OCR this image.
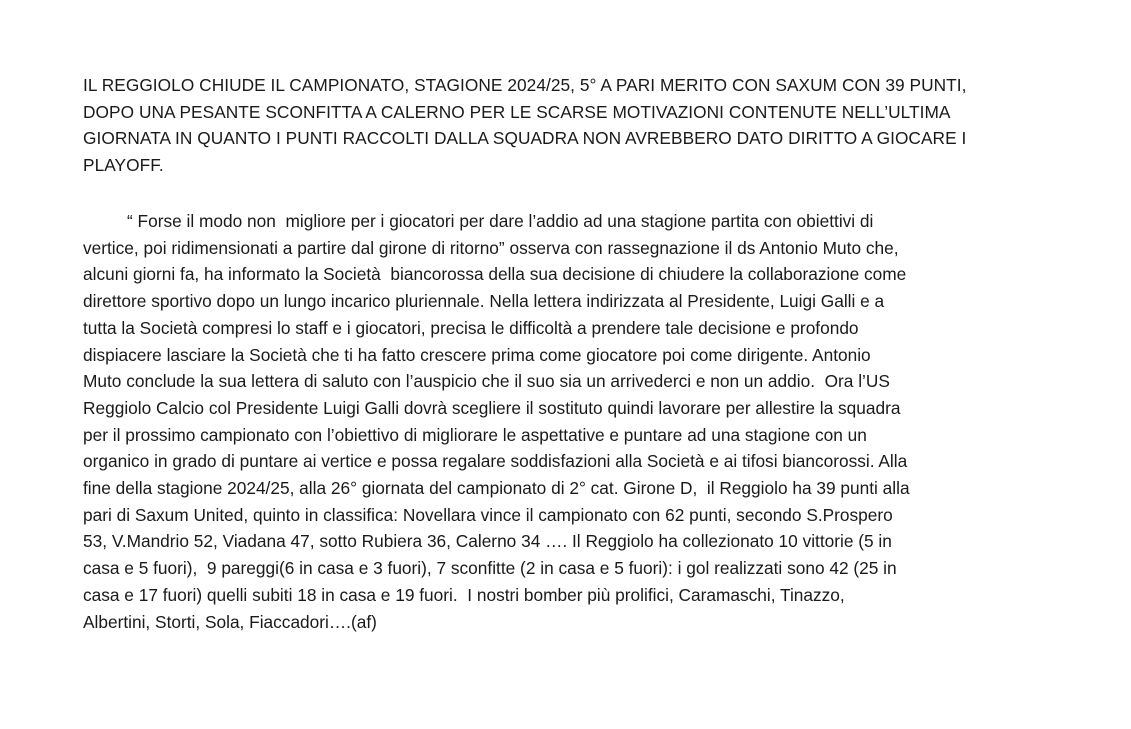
IL REGGIOLO CHIUDE IL CAMPIONATO, STAGIONE 2024/25, 5° A PARI MERITO CON SAXUM CON 39 PUNTI,
DOPO UNA PESANTE SCONFITTA A CALERNO PER LE SCARSE MOTIVAZIONI CONTENUTE NELL’ULTIMA
GIORNATA IN QUANTO I PUNTI RACCOLTI DALLA SQUADRA NON AVREBBERO DATO DIRITTO A GIOCARE I
PLAYOFF.

“ Forse il modo non  migliore per i giocatori per dare l’addio ad una stagione partita con obiettivi di
vertice, poi ridimensionati a partire dal girone di ritorno” osserva con rassegnazione il ds Antonio Muto che,
alcuni giorni fa, ha informato la Società  biancorossa della sua decisione di chiudere la collaborazione come
direttore sportivo dopo un lungo incarico pluriennale. Nella lettera indirizzata al Presidente, Luigi Galli e a
tutta la Società compresi lo staff e i giocatori, precisa le difficoltà a prendere tale decisione e profondo
dispiacere lasciare la Società che ti ha fatto crescere prima come giocatore poi come dirigente. Antonio
Muto conclude la sua lettera di saluto con l’auspicio che il suo sia un arrivederci e non un addio.  Ora l’US
Reggiolo Calcio col Presidente Luigi Galli dovrà scegliere il sostituto quindi lavorare per allestire la squadra
per il prossimo campionato con l’obiettivo di migliorare le aspettative e puntare ad una stagione con un
organico in grado di puntare ai vertice e possa regalare soddisfazioni alla Società e ai tifosi biancorossi. Alla
fine della stagione 2024/25, alla 26° giornata del campionato di 2° cat. Girone D,  il Reggiolo ha 39 punti alla
pari di Saxum United, quinto in classifica: Novellara vince il campionato con 62 punti, secondo S.Prospero
53, V.Mandrio 52, Viadana 47, sotto Rubiera 36, Calerno 34 …. Il Reggiolo ha collezionato 10 vittorie (5 in
casa e 5 fuori),  9 pareggi(6 in casa e 3 fuori), 7 sconfitte (2 in casa e 5 fuori): i gol realizzati sono 42 (25 in
casa e 17 fuori) quelli subiti 18 in casa e 19 fuori.  I nostri bomber più prolifici, Caramaschi, Tinazzo,
Albertini, Storti, Sola, Fiaccadori….(af)
